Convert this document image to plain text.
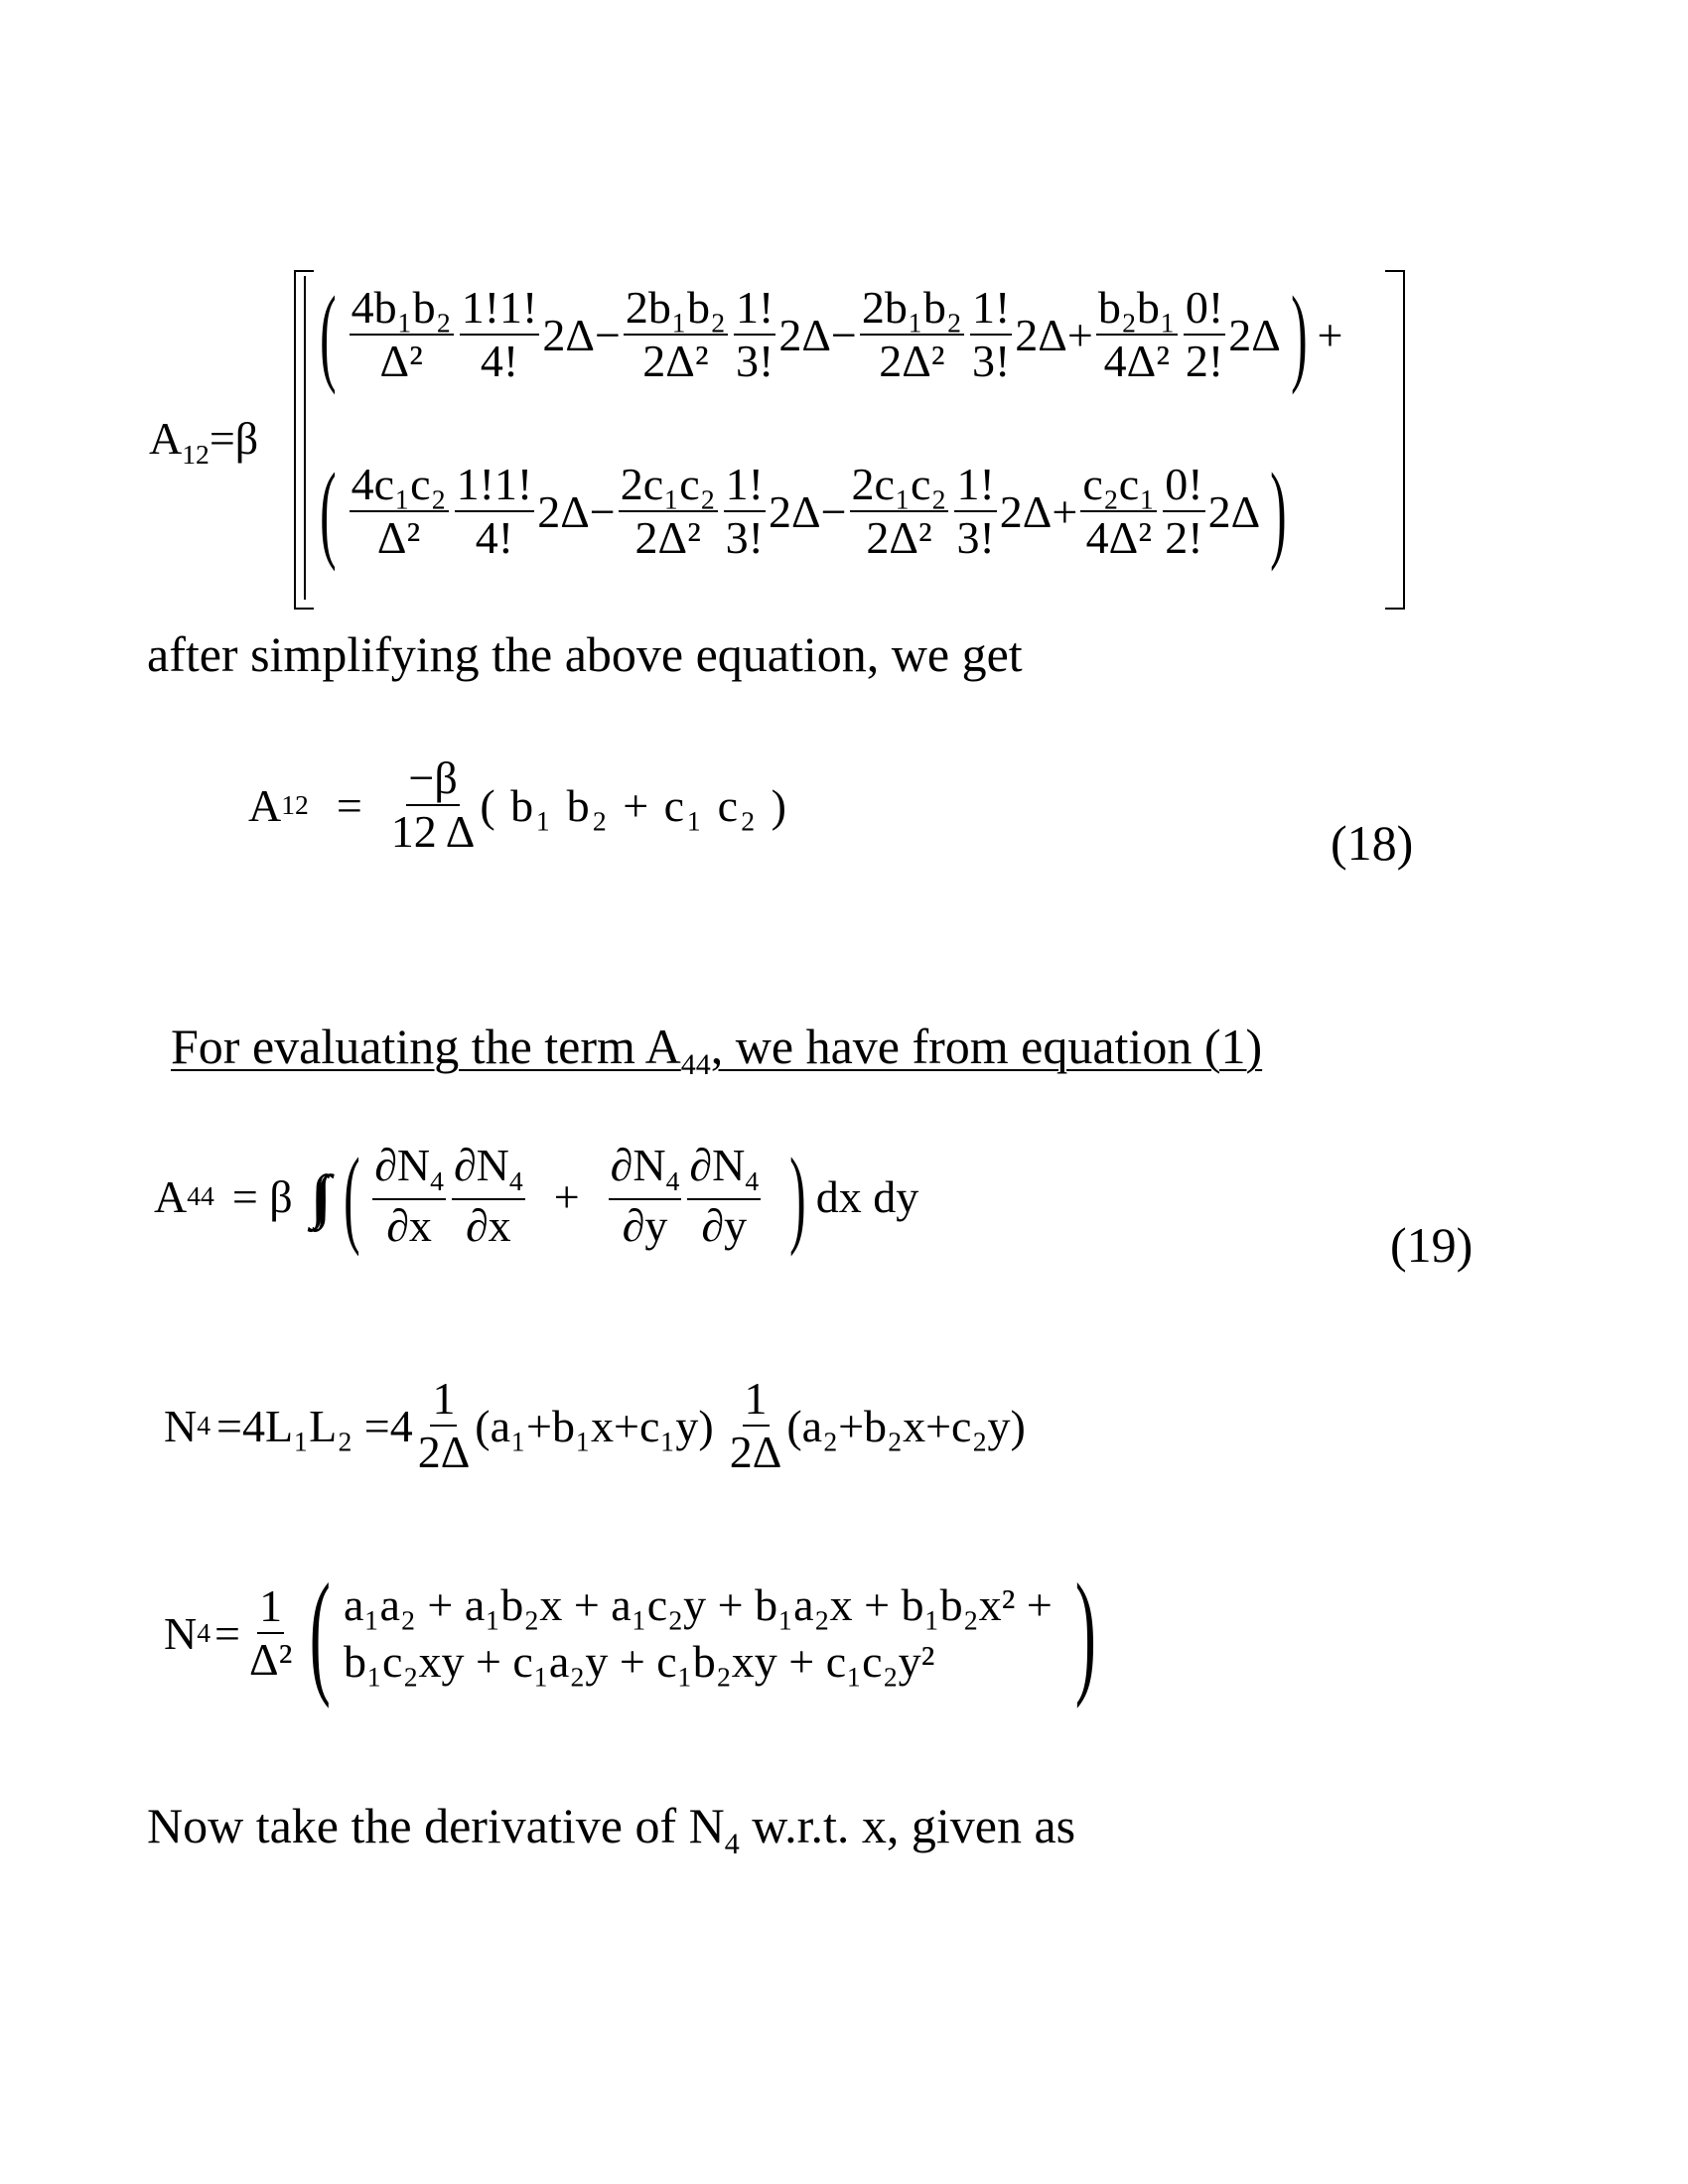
$A_{12}=\beta$
( $\frac{\text{4b₁b₂}}{\text{Δ²}} \frac{1!1!}{4!} 2\Delta - \frac{\text{2b₁b₂}}{\text{2Δ²}} \frac{1!}{3!} 2\Delta - \frac{\text{2b₁b₂}}{\text{2Δ²}} \frac{1!}{3!} 2\Delta + \frac{\text{b₂b₁}}{\text{4Δ²}} \frac{0!}{2!} 2\Delta$ ) +
( $\frac{\text{4c₁c₂}}{\text{Δ²}} \frac{1!1!}{4!} 2\Delta - \frac{\text{2c₁c₂}}{\text{2Δ²}} \frac{1!}{3!} 2\Delta - \frac{\text{2c₁c₂}}{\text{2Δ²}} \frac{1!}{3!} 2\Delta + \frac{\text{c₂c₁}}{\text{4Δ²}} \frac{0!}{2!} 2\Delta$ )
after simplifying the above equation, we get
A $12 = \frac{-\beta}{12 \Delta}$ ( b₁ b₂ + c₁ c₂ )
(18)
For evaluating the term $A_{44}$, we have from equation (1)
A 44 = β ∫∫ ( $\frac{\partial N_4}{\partial x} \frac{\partial N_4}{\partial x} + \frac{\partial N_4}{\partial y} \frac{\partial N_4}{\partial y}$ ) dx dy
(19)
N $4 =4L_1L_2 =4 \frac{1}{2\Delta} (a_1+b_1x+c_1y) \frac{1}{2\Delta} (a_2+b_2x+c_2y)$
N $4 = \frac{1}{\text{Δ²}}$ ( a₁a₂ + a₁b₂x + a₁c₂y + b₁a₂x + b₁b₂x² +
b₁c₂xy + c₁a₂y + c₁b₂xy + c₁c₂y²	)
Now take the derivative of $N_4$ w.r.t. x, given as
